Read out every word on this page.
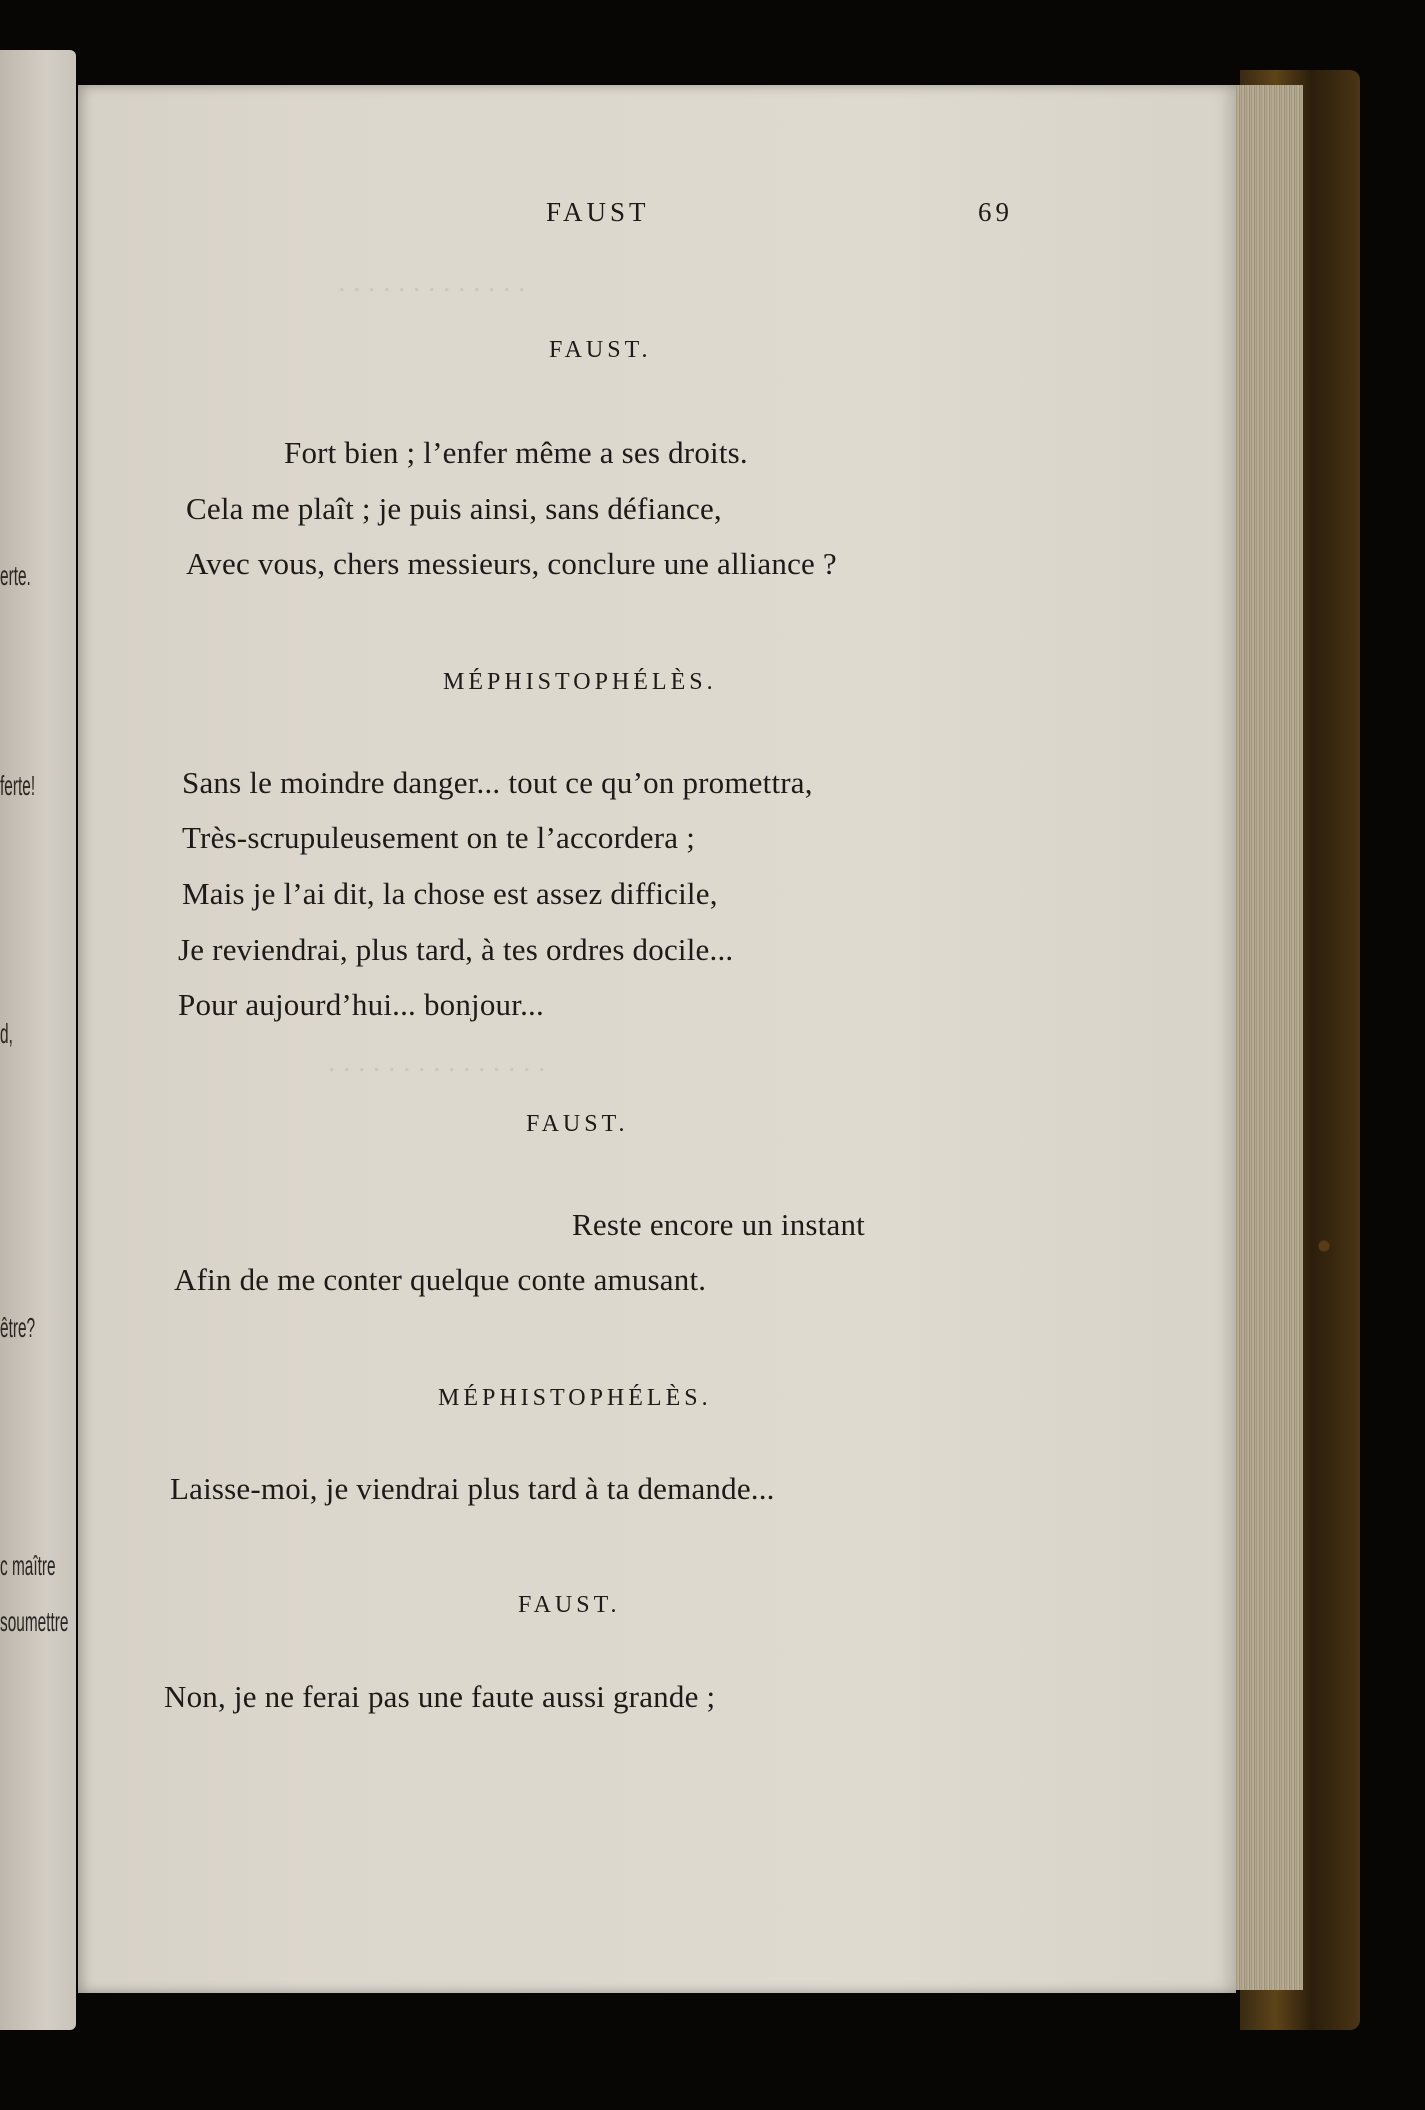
erte.
ferte!
d,
être?
c maître
soumettre
. . . . . . . . . . . . .
. . . . . . . . . . . . . . .
FAUST	69
FAUST.
Fort bien ; l’enfer même a ses droits.
Cela me plaît ; je puis ainsi, sans défiance,
Avec vous, chers messieurs, conclure une alliance ?
MÉPHISTOPHÉLÈS.
Sans le moindre danger... tout ce qu’on promettra,
Très-scrupuleusement on te l’accordera ;
Mais je l’ai dit, la chose est assez difficile,
Je reviendrai, plus tard, à tes ordres docile...
Pour aujourd’hui... bonjour...
FAUST.
Reste encore un instant
Afin de me conter quelque conte amusant.
MÉPHISTOPHÉLÈS.
Laisse-moi, je viendrai plus tard à ta demande...
FAUST.
Non, je ne ferai pas une faute aussi grande ;
